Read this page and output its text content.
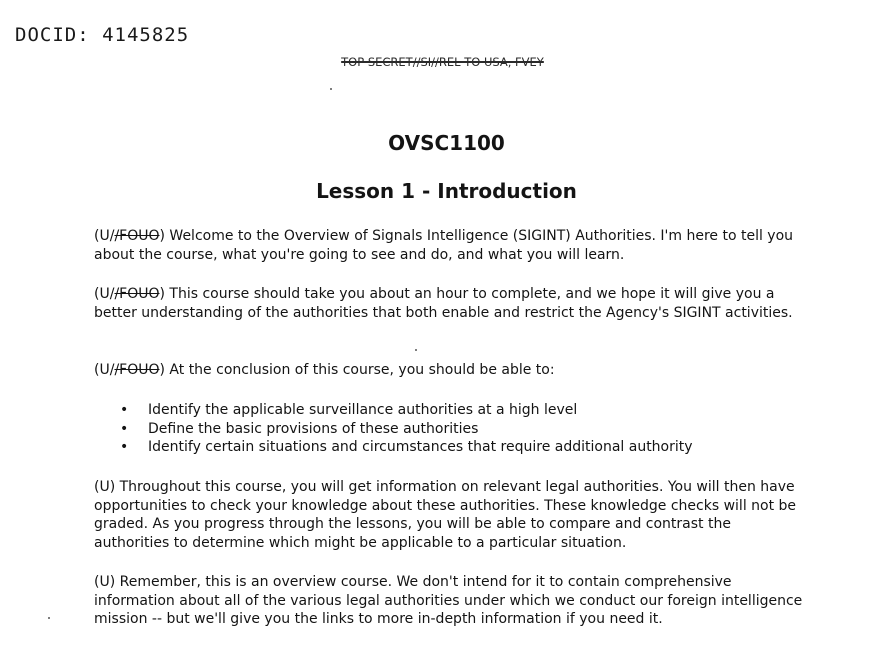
DOCID: 4145825
TOP SECRET//SI//REL TO USA, FVEY
OVSC1100
Lesson 1 - Introduction

(U//FOUO) Welcome to the Overview of Signals Intelligence (SIGINT) Authorities. I'm here to tell you about the course, what you're going to see and do, and what you will learn.

(U//FOUO) This course should take you about an hour to complete, and we hope it will give you a better understanding of the authorities that both enable and restrict the Agency's SIGINT activities.

(U//FOUO) At the conclusion of this course, you should be able to:

• Identify the applicable surveillance authorities at a high level
• Define the basic provisions of these authorities
• Identify certain situations and circumstances that require additional authority

(U) Throughout this course, you will get information on relevant legal authorities. You will then have opportunities to check your knowledge about these authorities. These knowledge checks will not be graded. As you progress through the lessons, you will be able to compare and contrast the authorities to determine which might be applicable to a particular situation.

(U) Remember, this is an overview course. We don't intend for it to contain comprehensive information about all of the various legal authorities under which we conduct our foreign intelligence mission -- but we'll give you the links to more in-depth information if you need it.
